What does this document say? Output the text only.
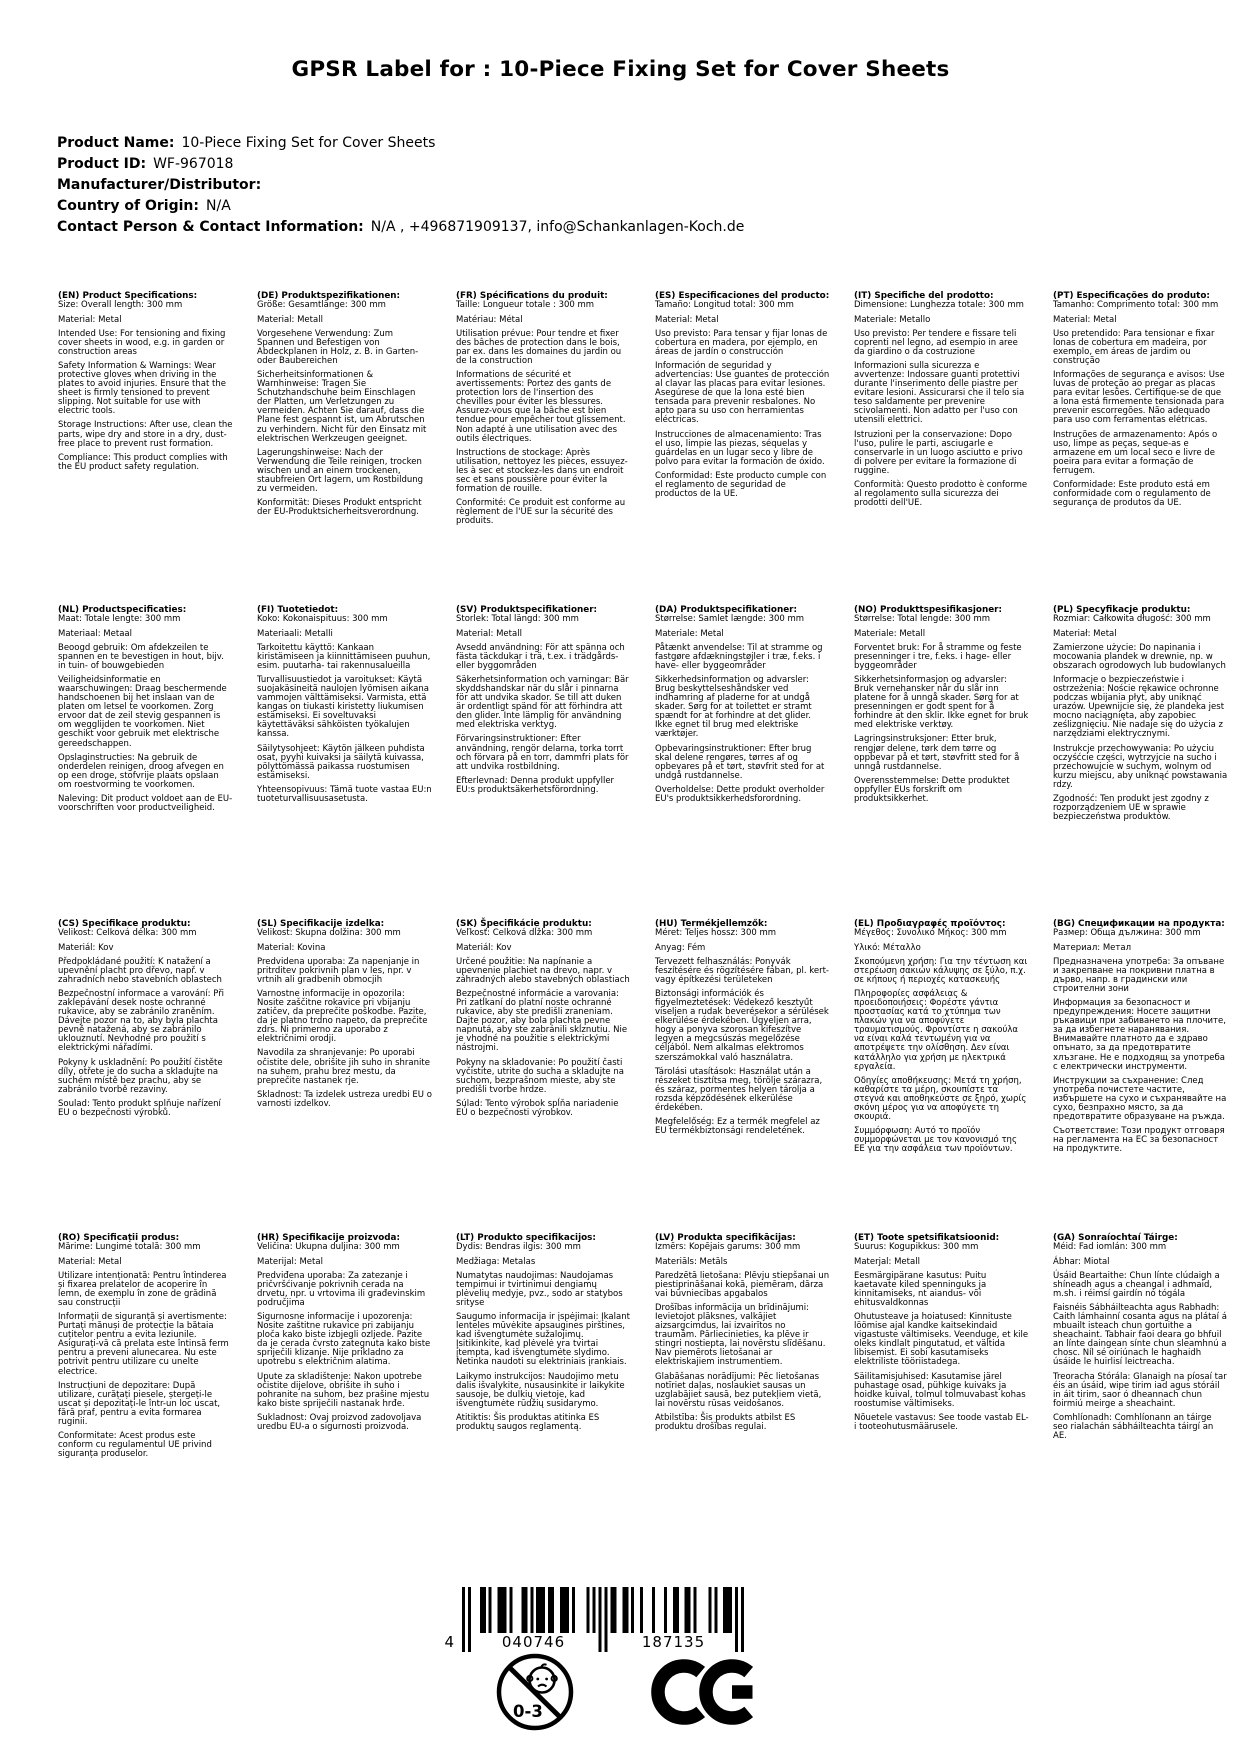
GPSR Label for : 10-Piece Fixing Set for Cover Sheets
Product Name: 10-Piece Fixing Set for Cover Sheets
Product ID: WF-967018
Manufacturer/Distributor:
Country of Origin: N/A
Contact Person & Contact Information: N/A , +496871909137, info@Schankanlagen-Koch.de
(EN) Product Specifications:

Size: Overall length: 300 mm

Material: Metal

Intended Use: For tensioning and fixing cover sheets in wood, e.g. in garden or construction areas

Safety Information & Warnings: Wear protective gloves when driving in the plates to avoid injuries. Ensure that the sheet is firmly tensioned to prevent slipping. Not suitable for use with electric tools.

Storage Instructions: After use, clean the parts, wipe dry and store in a dry, dust-free place to prevent rust formation.

Compliance: This product complies with the EU product safety regulation.

(DE) Produktspezifikationen:

Größe: Gesamtlänge: 300 mm

Material: Metall

Vorgesehene Verwendung: Zum Spannen und Befestigen von Abdeckplanen in Holz, z. B. in Garten- oder Baubereichen

Sicherheitsinformationen & Warnhinweise: Tragen Sie Schutzhandschuhe beim Einschlagen der Platten, um Verletzungen zu vermeiden. Achten Sie darauf, dass die Plane fest gespannt ist, um Abrutschen zu verhindern. Nicht für den Einsatz mit elektrischen Werkzeugen geeignet.

Lagerungshinweise: Nach der Verwendung die Teile reinigen, trocken wischen und an einem trockenen, staubfreien Ort lagern, um Rostbildung zu vermeiden.

Konformität: Dieses Produkt entspricht der EU-Produktsicherheitsverordnung.

(FR) Spécifications du produit:

Taille: Longueur totale : 300 mm

Matériau: Métal

Utilisation prévue: Pour tendre et fixer des bâches de protection dans le bois, par ex. dans les domaines du jardin ou de la construction

Informations de sécurité et avertissements: Portez des gants de protection lors de l'insertion des chevilles pour éviter les blessures. Assurez-vous que la bâche est bien tendue pour empêcher tout glissement. Non adapté à une utilisation avec des outils électriques.

Instructions de stockage: Après utilisation, nettoyez les pièces, essuyez-les à sec et stockez-les dans un endroit sec et sans poussière pour éviter la formation de rouille.

Conformité: Ce produit est conforme au règlement de l'UE sur la sécurité des produits.

(ES) Especificaciones del producto:

Tamaño: Longitud total: 300 mm

Material: Metal

Uso previsto: Para tensar y fijar lonas de cobertura en madera, por ejemplo, en áreas de jardín o construcción

Información de seguridad y advertencias: Use guantes de protección al clavar las placas para evitar lesiones. Asegúrese de que la lona esté bien tensada para prevenir resbalones. No apto para su uso con herramientas eléctricas.

Instrucciones de almacenamiento: Tras el uso, limpie las piezas, séquelas y guárdelas en un lugar seco y libre de polvo para evitar la formación de óxido.

Conformidad: Este producto cumple con el reglamento de seguridad de productos de la UE.

(IT) Specifiche del prodotto:

Dimensione: Lunghezza totale: 300 mm

Materiale: Metallo

Uso previsto: Per tendere e fissare teli coprenti nel legno, ad esempio in aree da giardino o da costruzione

Informazioni sulla sicurezza e avvertenze: Indossare guanti protettivi durante l'inserimento delle piastre per evitare lesioni. Assicurarsi che il telo sia teso saldamente per prevenire scivolamenti. Non adatto per l'uso con utensili elettrici.

Istruzioni per la conservazione: Dopo l'uso, pulire le parti, asciugarle e conservarle in un luogo asciutto e privo di polvere per evitare la formazione di ruggine.

Conformità: Questo prodotto è conforme al regolamento sulla sicurezza dei prodotti dell'UE.

(PT) Especificações do produto:

Tamanho: Comprimento total: 300 mm

Material: Metal

Uso pretendido: Para tensionar e fixar lonas de cobertura em madeira, por exemplo, em áreas de jardim ou construção

Informações de segurança e avisos: Use luvas de proteção ao pregar as placas para evitar lesões. Certifique-se de que a lona está firmemente tensionada para prevenir escorregões. Não adequado para uso com ferramentas elétricas.

Instruções de armazenamento: Após o uso, limpe as peças, seque-as e armazene em um local seco e livre de poeira para evitar a formação de ferrugem.

Conformidade: Este produto está em conformidade com o regulamento de segurança de produtos da UE.

(NL) Productspecificaties:

Maat: Totale lengte: 300 mm

Materiaal: Metaal

Beoogd gebruik: Om afdekzeilen te spannen en te bevestigen in hout, bijv. in tuin- of bouwgebieden

Veiligheidsinformatie en waarschuwingen: Draag beschermende handschoenen bij het inslaan van de platen om letsel te voorkomen. Zorg ervoor dat de zeil stevig gespannen is om wegglijden te voorkomen. Niet geschikt voor gebruik met elektrische gereedschappen.

Opslaginstructies: Na gebruik de onderdelen reinigen, droog afvegen en op een droge, stofvrije plaats opslaan om roestvorming te voorkomen.

Naleving: Dit product voldoet aan de EU-voorschriften voor productveiligheid.

(FI) Tuotetiedot:

Koko: Kokonaispituus: 300 mm

Materiaali: Metalli

Tarkoitettu käyttö: Kankaan kiristämiseen ja kiinnittämiseen puuhun, esim. puutarha- tai rakennusalueilla

Turvallisuustiedot ja varoitukset: Käytä suojakäsineitä naulojen lyömisen aikana vammojen välttämiseksi. Varmista, että kangas on tiukasti kiristetty liukumisen estämiseksi. Ei soveltuvaksi käytettäväksi sähköisten työkalujen kanssa.

Säilytysohjeet: Käytön jälkeen puhdista osat, pyyhi kuivaksi ja säilytä kuivassa, pölyttömässä paikassa ruostumisen estämiseksi.

Yhteensopivuus: Tämä tuote vastaa EU:n tuoteturvallisuusasetusta.

(SV) Produktspecifikationer:

Storlek: Total längd: 300 mm

Material: Metall

Avsedd användning: För att spänna och fästa täckdukar i trä, t.ex. i trädgårds- eller byggområden

Säkerhetsinformation och varningar: Bär skyddshandskar när du slår i pinnarna för att undvika skador. Se till att duken är ordentligt spänd för att förhindra att den glider. Inte lämplig för användning med elektriska verktyg.

Förvaringsinstruktioner: Efter användning, rengör delarna, torka torrt och förvara på en torr, dammfri plats för att undvika rostbildning.

Efterlevnad: Denna produkt uppfyller EU:s produktsäkerhetsförordning.

(DA) Produktspecifikationer:

Størrelse: Samlet længde: 300 mm

Materiale: Metal

Påtænkt anvendelse: Til at stramme og fastgøre afdækningstøjler i træ, f.eks. i have- eller byggeområder

Sikkerhedsinformation og advarsler: Brug beskyttelseshåndsker ved indhamring af pladerne for at undgå skader. Sørg for at toilettet er stramt spændt for at forhindre at det glider. Ikke egnet til brug med elektriske værktøjer.

Opbevaringsinstruktioner: Efter brug skal delene rengøres, tørres af og opbevares på et tørt, støvfrit sted for at undgå rustdannelse.

Overholdelse: Dette produkt overholder EU's produktsikkerhedsforordning.

(NO) Produkttspesifikasjoner:

Størrelse: Total lengde: 300 mm

Materiale: Metall

Forventet bruk: For å stramme og feste presenninger i tre, f.eks. i hage- eller byggeområder

Sikkerhetsinformasjon og advarsler: Bruk vernehansker når du slår inn platene for å unngå skader. Sørg for at presenningen er godt spent for å forhindre at den sklir. Ikke egnet for bruk med elektriske verktøy.

Lagringsinstruksjoner: Etter bruk, rengjør delene, tørk dem tørre og oppbevar på et tørt, støvfritt sted for å unngå rustdannelse.

Overensstemmelse: Dette produktet oppfyller EUs forskrift om produktsikkerhet.

(PL) Specyfikacje produktu:

Rozmiar: Całkowita długość: 300 mm

Materiał: Metal

Zamierzone użycie: Do napinania i mocowania plandek w drewnie, np. w obszarach ogrodowych lub budowlanych

Informacje o bezpieczeństwie i ostrzeżenia: Noście rękawice ochronne podczas wbijania płyt, aby uniknąć urazów. Upewnijcie się, że plandeka jest mocno naciągnięta, aby zapobiec ześlizgnięciu. Nie nadaje się do użycia z narzędziami elektrycznymi.

Instrukcje przechowywania: Po użyciu oczyśćcie części, wytrzyjcie na sucho i przechowujcie w suchym, wolnym od kurzu miejscu, aby uniknąć powstawania rdzy.

Zgodność: Ten produkt jest zgodny z rozporządzeniem UE w sprawie bezpieczeństwa produktów.

(CS) Specifikace produktu:

Velikost: Celková délka: 300 mm

Materiál: Kov

Předpokládané použití: K natažení a upevnění placht pro dřevo, např. v zahradních nebo stavebních oblastech

Bezpečnostní informace a varování: Při zaklepávání desek noste ochranné rukavice, aby se zabránilo zraněním. Dávejte pozor na to, aby byla plachta pevně natažená, aby se zabránilo uklouznutí. Nevhodné pro použití s elektrickými nářadími.

Pokyny k uskladnění: Po použití čistěte díly, otřete je do sucha a skladujte na suchém místě bez prachu, aby se zabránilo tvorbě rezaviny.

Soulad: Tento produkt splňuje nařízení EU o bezpečnosti výrobků.

(SL) Specifikacije izdelka:

Velikost: Skupna dolžina: 300 mm

Material: Kovina

Predvidena uporaba: Za napenjanje in pritrditev pokrivnih plan v les, npr. v vrtnih ali gradbenih obmocjih

Varnostne informacije in opozorila: Nosite zaščitne rokavice pri vbijanju zatičev, da preprečite poškodbe. Pazite, da je platno trdno napeto, da preprečite zdrs. Ni primerno za uporabo z električnimi orodji.

Navodila za shranjevanje: Po uporabi očistite dele, obrišite jih suho in shranite na suhem, prahu brez mestu, da preprečite nastanek rje.

Skladnost: Ta izdelek ustreza uredbi EU o varnosti izdelkov.

(SK) Špecifikácie produktu:

Veľkosť: Celková dĺžka: 300 mm

Materiál: Kov

Určené použitie: Na napínanie a upevnenie plachiet na drevo, napr. v záhradných alebo stavebných oblastiach

Bezpečnostné informácie a varovania: Pri zatĺkaní do platní noste ochranné rukavice, aby ste predišli zraneniam. Dajte pozor, aby bola plachta pevne napnutá, aby ste zabránili skĺznutiu. Nie je vhodné na použitie s elektrickými nástrojmi.

Pokyny na skladovanie: Po použití časti vyčistite, utrite do sucha a skladujte na suchom, bezprašnom mieste, aby ste predišli tvorbe hrdze.

Súlad: Tento výrobok spĺňa nariadenie EÚ o bezpečnosti výrobkov.

(HU) Termékjellemzők:

Méret: Teljes hossz: 300 mm

Anyag: Fém

Tervezett felhasználás: Ponyvák feszítésére és rögzítésére fában, pl. kert- vagy építkezési területeken

Biztonsági információk és figyelmeztetések: Védekező kesztyűt viseljen a rudak beverésekor a sérülések elkerülése érdekében. Ügyeljen arra, hogy a ponyva szorosan kifeszítve legyen a megcsúszás megelőzése céljából. Nem alkalmas elektromos szerszámokkal való használatra.

Tárolási utasítások: Használat után a részeket tisztítsa meg, törölje szárazra, és száraz, pormentes helyen tárolja a rozsda képződésének elkerülése érdekében.

Megfelelőség: Ez a termék megfelel az EU termékbiztonsági rendeletének.

(EL) Προδιαγραφές προϊόντος:

Μέγεθος: Συνολικό Μήκος: 300 mm

Υλικό: Μέταλλο

Σκοπούμενη χρήση: Για την τέντωση και στερέωση σακιών κάλυψης σε ξύλο, π.χ. σε κήπους ή περιοχές κατασκευής

Πληροφορίες ασφάλειας & προειδοποιήσεις: Φορέστε γάντια προστασίας κατά το χτύπημα των πλακών για να αποφύγετε τραυματισμούς. Φροντίστε η σακούλα να είναι καλά τεντωμένη για να αποτρέψετε την ολίσθηση. Δεν είναι κατάλληλο για χρήση με ηλεκτρικά εργαλεία.

Οδηγίες αποθήκευσης: Μετά τη χρήση, καθαρίστε τα μέρη, σκουπίστε τα στεγνά και αποθηκεύστε σε ξηρό, χωρίς σκόνη μέρος για να αποφύγετε τη σκουριά.

Συμμόρφωση: Αυτό το προϊόν συμμορφώνεται με τον κανονισμό της ΕΕ για την ασφάλεια των προϊόντων.

(BG) Спецификации на продукта:

Размер: Обща дължина: 300 mm

Материал: Метал

Предназначена употреба: За опъване и закрепване на покривни платна в дърво, напр. в градински или строителни зони

Информация за безопасност и предупреждения: Носете защитни ръкавици при забиването на плочите, за да избегнете наранявания. Внимавайте платното да е здраво опънато, за да предотвратите хлъзгане. Не е подходящ за употреба с електрически инструменти.

Инструкции за съхранение: След употреба почистете частите, избършете на сухо и съхранявайте на сухо, безпрахно място, за да предотвратите образуване на ръжда.

Съответствие: Този продукт отговаря на регламента на ЕС за безопасност на продуктите.

(RO) Specificații produs:

Mărime: Lungime totală: 300 mm

Material: Metal

Utilizare intenționată: Pentru întinderea și fixarea prelatelor de acoperire în lemn, de exemplu în zone de grădină sau construcții

Informații de siguranță și avertismente: Purtați mănuși de protecție la bătaia cuțitelor pentru a evita leziunile. Asigurați-vă că prelata este întinsă ferm pentru a preveni alunecarea. Nu este potrivit pentru utilizare cu unelte electrice.

Instrucțiuni de depozitare: După utilizare, curățați piesele, ștergeți-le uscat și depozitați-le într-un loc uscat, fără praf, pentru a evita formarea ruginii.

Conformitate: Acest produs este conform cu regulamentul UE privind siguranța produselor.

(HR) Specifikacije proizvoda:

Veličina: Ukupna duljina: 300 mm

Materijal: Metal

Predviđena uporaba: Za zatezanje i pričvršćivanje pokrivnih cerada na drvetu, npr. u vrtovima ili građevinskim područjima

Sigurnosne informacije i upozorenja: Nosite zaštitne rukavice pri zabijanju ploča kako biste izbjegli ozljede. Pazite da je cerada čvrsto zategnuta kako biste spriječili klizanje. Nije prikladno za upotrebu s električnim alatima.

Upute za skladištenje: Nakon upotrebe očistite dijelove, obrišite ih suho i pohranite na suhom, bez prašine mjestu kako biste spriječili nastanak hrđe.

Sukladnost: Ovaj proizvod zadovoljava uredbu EU-a o sigurnosti proizvoda.

(LT) Produkto specifikacijos:

Dydis: Bendras ilgis: 300 mm

Medžiaga: Metalas

Numatytas naudojimas: Naudojamas tempimui ir tvirtinimui dengiamų plėvelių medyje, pvz., sodo ar statybos srityse

Saugumo informacija ir įspėjimai: Įkalant lenteles mūvėkite apsaugines pirštines, kad išvengtumėte sužalojimų. Įsitikinkite, kad plėvelė yra tvirtai įtempta, kad išvengtumėte slydimo. Netinka naudoti su elektriniais įrankiais.

Laikymo instrukcijos: Naudojimo metu dalis išvalykite, nusausinkite ir laikykite sausoje, be dulkių vietoje, kad išvengtumėte rūdžių susidarymo.

Atitiktis: Šis produktas atitinka ES produktų saugos reglamentą.

(LV) Produkta specifikācijas:

Izmērs: Kopējais garums: 300 mm

Materiāls: Metāls

Paredzētā lietošana: Plēvju stiepšanai un piestiprināšanai kokā, piemēram, dārza vai būvniecības apgabalos

Drošības informācija un brīdinājumi: Ievietojot plāksnes, valkājiet aizsargcimdus, lai izvairītos no traumām. Pārliecinieties, ka plēve ir stingri nostiepta, lai novērstu slīdēšanu. Nav piemērots lietošanai ar elektriskajiem instrumentiem.

Glabāšanas norādījumi: Pēc lietošanas notīriet daļas, noslaukiet sausas un uzglabājiet sausā, bez putekļiem vietā, lai novērstu rūsas veidošanos.

Atbilstība: Šis produkts atbilst ES produktu drošības regulai.

(ET) Toote spetsifikatsioonid:

Suurus: Kogupikkus: 300 mm

Materjal: Metall

Eesmärgipärane kasutus: Puitu kaetavate kiled spenninguks ja kinnitamiseks, nt aiandus- või ehitusvaldkonnas

Ohutusteave ja hoiatused: Kinnituste löömise ajal kandke kaitsekindaid vigastuste vältimiseks. Veenduge, et kile oleks kindlalt pingutatud, et vältida libisemist. Ei sobi kasutamiseks elektriliste tööriistadega.

Säilitamisjuhised: Kasutamise järel puhastage osad, pühkige kuivaks ja hoidke kuival, tolmul tolmuvabast kohas roostumise vältimiseks.

Nõuetele vastavus: See toode vastab EL-i tooteohutusmäärusele.

(GA) Sonraíochtaí Táirge:

Méid: Fad iomlán: 300 mm

Ábhar: Miotal

Úsáid Beartaithe: Chun línte clúdaigh a shíneadh agus a cheangal i adhmaid, m.sh. i réimsí gairdín nó tógála

Faisnéis Sábháilteachta agus Rabhadh: Caith lámhainní cosanta agus na plátaí á mbuailt isteach chun gortuithe a sheachaint. Tabhair faoi deara go bhfuil an línte daingean sínte chun sleamhnú a chosc. Níl sé oiriúnach le haghaidh úsáide le huirlisí leictreacha.

Treoracha Stórála: Glanaigh na píosaí tar éis an úsáid, wipe tirim iad agus stóráil in áit tirim, saor ó dheannach chun foirmiú meirge a sheachaint.

Comhlíonadh: Comhlíonann an táirge seo rialachán sábháilteachta táirgí an AE.

4	040746	187135
0-3
